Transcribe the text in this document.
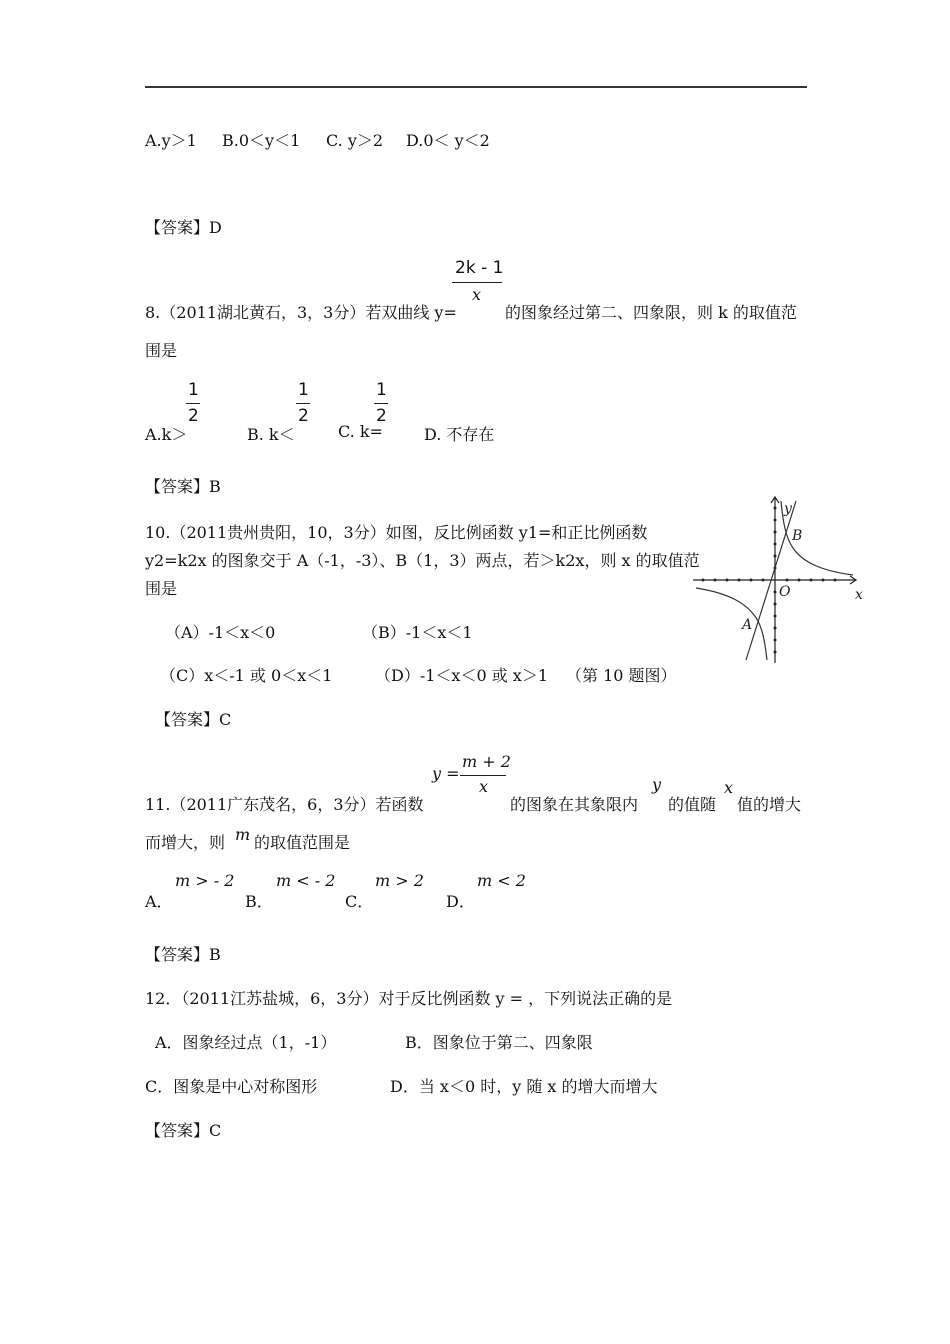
A.y＞1 B.0＜y＜1 C. y＞2 D.0＜ y＜2
【答案】D
2k - 1
x
8.（2011湖北黄石，3，3分）若双曲线 y=	的图象经过第二、四象限，则 k 的取值范
围是
1
2
1
2
1
2
A.k＞	B. k＜	C. k=	D. 不存在
【答案】B
10.（2011贵州贵阳，10，3分）如图，反比例函数 y1=和正比例函数
y2=k2x 的图象交于 A（-1，-3）、B（1，3）两点，若＞k2x，则 x 的取值范
围是
（A）-1＜x＜0	（B）-1＜x＜1
（C）x＜-1 或 0＜x＜1	（D）-1＜x＜0 或 x＞1 （第 10 题图）
【答案】C
y
x
O
B
A
y =
m + 2
x	y	x
11.（2011广东茂名，6，3分）若函数	的图象在其象限内 的值随 值的增大
而增大，则 m 的取值范围是
m > - 2	m < - 2 m > 2	m < 2
A．	B．	C．	D．
【答案】B
12．（2011江苏盐城，6，3分）对于反比例函数 y = ，下列说法正确的是
A．图象经过点（1，-1）	B．图象位于第二、四象限
C．图象是中心对称图形	D．当 x＜0 时，y 随 x 的增大而增大
【答案】C
